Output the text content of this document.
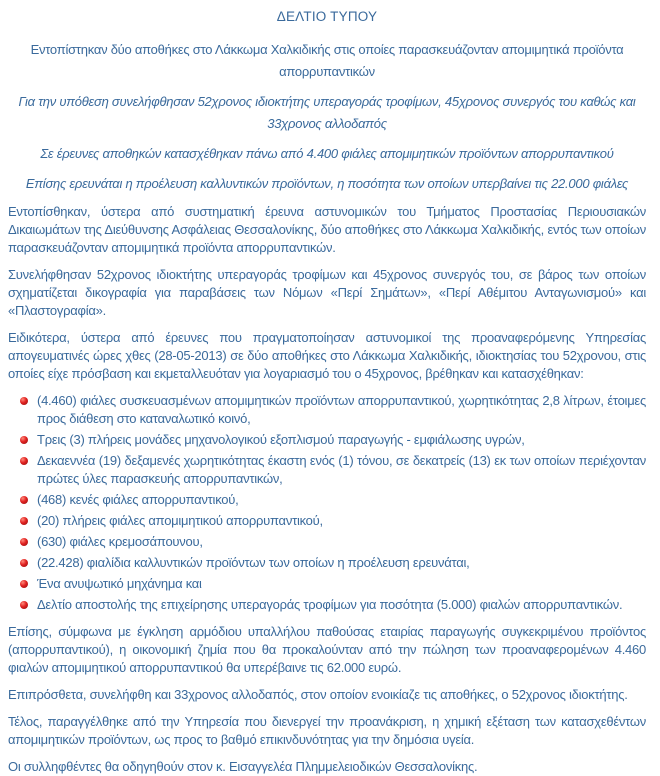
ΔΕΛΤΙΟ ΤΥΠΟΥ

Εντοπίστηκαν δύο αποθήκες στο Λάκκωμα Χαλκιδικής στις οποίες παρασκευάζονταν απομιμητικά προϊόντα απορρυπαντικών

Για την υπόθεση συνελήφθησαν 52χρονος ιδιοκτήτης υπεραγοράς τροφίμων, 45χρονος συνεργός του καθώς και 33χρονος αλλοδαπός

Σε έρευνες αποθηκών κατασχέθηκαν πάνω από 4.400 φιάλες απομιμητικών προϊόντων απορρυπαντικού

Επίσης ερευνάται η προέλευση καλλυντικών προϊόντων, η ποσότητα των οποίων υπερβαίνει τις 22.000 φιάλες

Εντοπίσθηκαν, ύστερα από συστηματική έρευνα αστυνομικών του Τμήματος Προστασίας Περιουσιακών Δικαιωμάτων της Διεύθυνσης Ασφάλειας Θεσσαλονίκης, δύο αποθήκες στο Λάκκωμα Χαλκιδικής, εντός των οποίων παρασκευάζονταν απομιμητικά προϊόντα απορρυπαντικών.

Συνελήφθησαν 52χρονος ιδιοκτήτης υπεραγοράς τροφίμων και 45χρονος συνεργός του, σε βάρος των οποίων σχηματίζεται δικογραφία για παραβάσεις των Νόμων «Περί Σημάτων», «Περί Αθέμιτου Ανταγωνισμού» και «Πλαστογραφία».

Ειδικότερα, ύστερα από έρευνες που πραγματοποίησαν αστυνομικοί της προαναφερόμενης Υπηρεσίας απογευματινές ώρες χθες (28-05-2013) σε δύο αποθήκες στο Λάκκωμα Χαλκιδικής, ιδιοκτησίας του 52χρονου, στις οποίες είχε πρόσβαση και εκμεταλλευόταν για λογαριασμό του ο 45χρονος, βρέθηκαν και κατασχέθηκαν:

(4.460) φιάλες συσκευασμένων απομιμητικών προϊόντων απορρυπαντικού, χωρητικότητας 2,8 λίτρων, έτοιμες προς διάθεση στο καταναλωτικό κοινό,
Τρεις (3) πλήρεις μονάδες μηχανολογικού εξοπλισμού παραγωγής - εμφιάλωσης υγρών,
Δεκαεννέα (19) δεξαμενές χωρητικότητας έκαστη ενός (1) τόνου, σε δεκατρείς (13) εκ των οποίων περιέχονταν πρώτες ύλες παρασκευής απορρυπαντικών,
(468) κενές φιάλες απορρυπαντικού,
(20) πλήρεις φιάλες απομιμητικού απορρυπαντικού,
(630) φιάλες κρεμοσάπουνου,
(22.428) φιαλίδια καλλυντικών προϊόντων των οποίων η προέλευση ερευνάται,
Ένα ανυψωτικό μηχάνημα και
Δελτίο αποστολής της επιχείρησης υπεραγοράς τροφίμων για ποσότητα (5.000) φιαλών απορρυπαντικών.

Επίσης, σύμφωνα με έγκληση αρμόδιου υπαλλήλου παθούσας εταιρίας παραγωγής συγκεκριμένου προϊόντος (απορρυπαντικού), η οικονομική ζημία που θα προκαλούνταν από την πώληση των προαναφερομένων 4.460 φιαλών απομιμητικού απορρυπαντικού θα υπερέβαινε τις 62.000 ευρώ.

Επιπρόσθετα, συνελήφθη και 33χρονος αλλοδαπός, στον οποίον ενοικίαζε τις αποθήκες, ο 52χρονος ιδιοκτήτης.

Τέλος, παραγγέλθηκε από την Υπηρεσία που διενεργεί την προανάκριση, η χημική εξέταση των κατασχεθέντων απομιμητικών προϊόντων, ως προς το βαθμό επικινδυνότητας για την δημόσια υγεία.

Οι συλληφθέντες θα οδηγηθούν στον κ. Εισαγγελέα Πλημμελειοδικών Θεσσαλονίκης.
